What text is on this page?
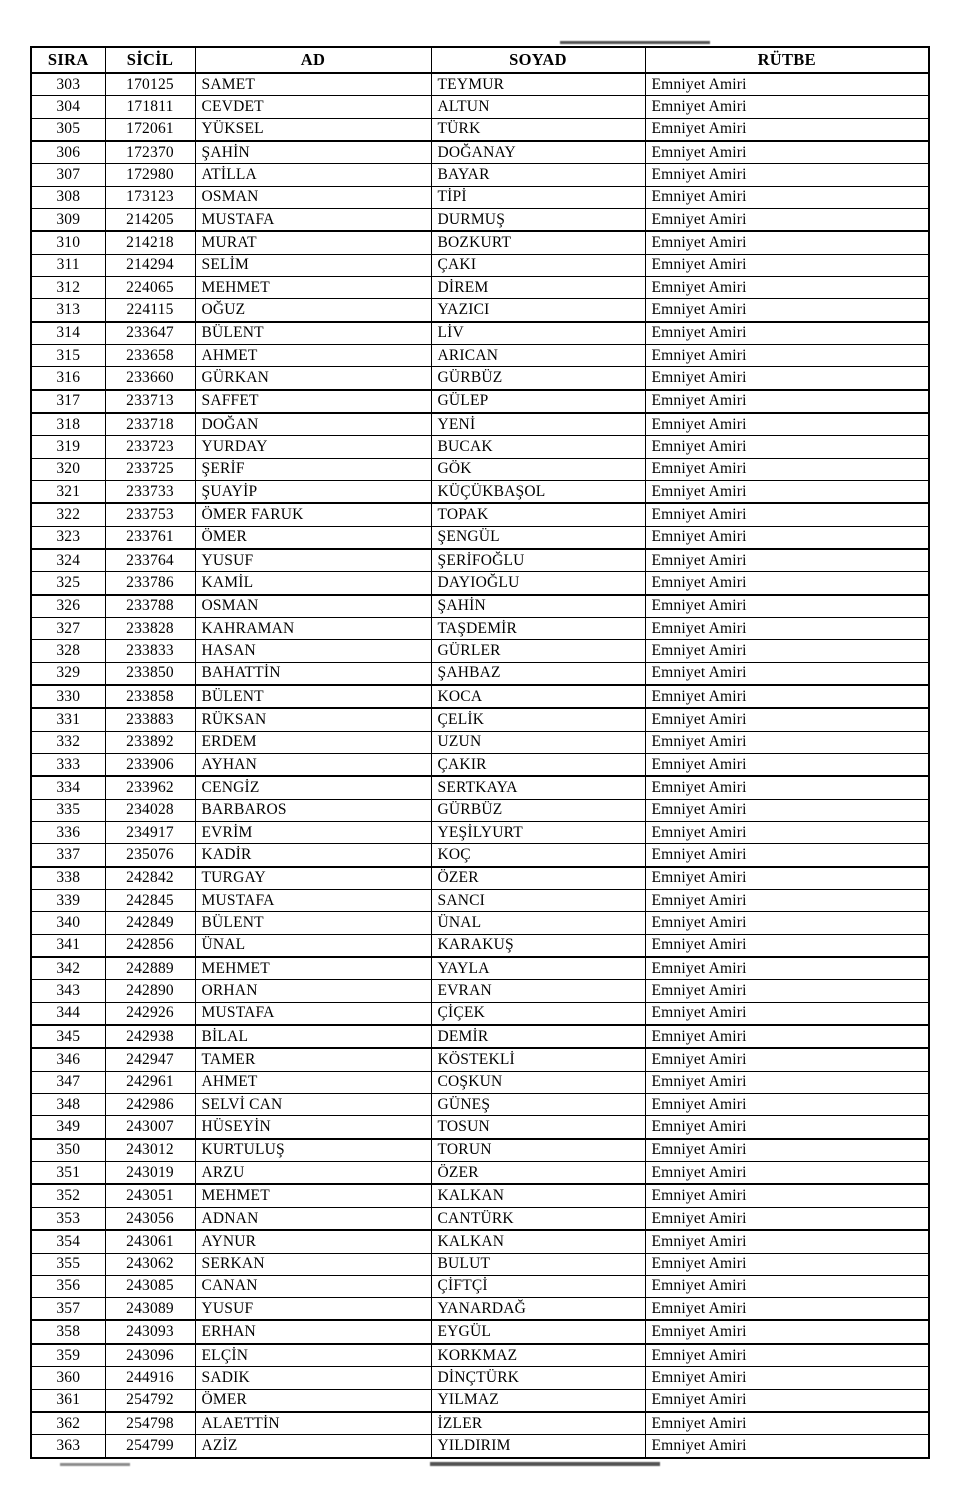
SIRA	SİCİL	AD	SOYAD	RÜTBE
303	170125	SAMET	TEYMUR	Emniyet Amiri
304	171811	CEVDET	ALTUN	Emniyet Amiri
305	172061	YÜKSEL	TÜRK	Emniyet Amiri
306	172370	ŞAHİN	DOĞANAY	Emniyet Amiri
307	172980	ATİLLA	BAYAR	Emniyet Amiri
308	173123	OSMAN	TİPİ	Emniyet Amiri
309	214205	MUSTAFA	DURMUŞ	Emniyet Amiri
310	214218	MURAT	BOZKURT	Emniyet Amiri
311	214294	SELİM	ÇAKI	Emniyet Amiri
312	224065	MEHMET	DİREM	Emniyet Amiri
313	224115	OĞUZ	YAZICI	Emniyet Amiri
314	233647	BÜLENT	LİV	Emniyet Amiri
315	233658	AHMET	ARICAN	Emniyet Amiri
316	233660	GÜRKAN	GÜRBÜZ	Emniyet Amiri
317	233713	SAFFET	GÜLEP	Emniyet Amiri
318	233718	DOĞAN	YENİ	Emniyet Amiri
319	233723	YURDAY	BUCAK	Emniyet Amiri
320	233725	ŞERİF	GÖK	Emniyet Amiri
321	233733	ŞUAYİP	KÜÇÜKBAŞOL	Emniyet Amiri
322	233753	ÖMER FARUK	TOPAK	Emniyet Amiri
323	233761	ÖMER	ŞENGÜL	Emniyet Amiri
324	233764	YUSUF	ŞERİFOĞLU	Emniyet Amiri
325	233786	KAMİL	DAYIOĞLU	Emniyet Amiri
326	233788	OSMAN	ŞAHİN	Emniyet Amiri
327	233828	KAHRAMAN	TAŞDEMİR	Emniyet Amiri
328	233833	HASAN	GÜRLER	Emniyet Amiri
329	233850	BAHATTİN	ŞAHBAZ	Emniyet Amiri
330	233858	BÜLENT	KOCA	Emniyet Amiri
331	233883	RÜKSAN	ÇELİK	Emniyet Amiri
332	233892	ERDEM	UZUN	Emniyet Amiri
333	233906	AYHAN	ÇAKIR	Emniyet Amiri
334	233962	CENGİZ	SERTKAYA	Emniyet Amiri
335	234028	BARBAROS	GÜRBÜZ	Emniyet Amiri
336	234917	EVRİM	YEŞİLYURT	Emniyet Amiri
337	235076	KADİR	KOÇ	Emniyet Amiri
338	242842	TURGAY	ÖZER	Emniyet Amiri
339	242845	MUSTAFA	SANCI	Emniyet Amiri
340	242849	BÜLENT	ÜNAL	Emniyet Amiri
341	242856	ÜNAL	KARAKUŞ	Emniyet Amiri
342	242889	MEHMET	YAYLA	Emniyet Amiri
343	242890	ORHAN	EVRAN	Emniyet Amiri
344	242926	MUSTAFA	ÇİÇEK	Emniyet Amiri
345	242938	BİLAL	DEMİR	Emniyet Amiri
346	242947	TAMER	KÖSTEKLİ	Emniyet Amiri
347	242961	AHMET	COŞKUN	Emniyet Amiri
348	242986	SELVİ CAN	GÜNEŞ	Emniyet Amiri
349	243007	HÜSEYİN	TOSUN	Emniyet Amiri
350	243012	KURTULUŞ	TORUN	Emniyet Amiri
351	243019	ARZU	ÖZER	Emniyet Amiri
352	243051	MEHMET	KALKAN	Emniyet Amiri
353	243056	ADNAN	CANTÜRK	Emniyet Amiri
354	243061	AYNUR	KALKAN	Emniyet Amiri
355	243062	SERKAN	BULUT	Emniyet Amiri
356	243085	CANAN	ÇİFTÇİ	Emniyet Amiri
357	243089	YUSUF	YANARDAĞ	Emniyet Amiri
358	243093	ERHAN	EYGÜL	Emniyet Amiri
359	243096	ELÇİN	KORKMAZ	Emniyet Amiri
360	244916	SADIK	DİNÇTÜRK	Emniyet Amiri
361	254792	ÖMER	YILMAZ	Emniyet Amiri
362	254798	ALAETTİN	İZLER	Emniyet Amiri
363	254799	AZİZ	YILDIRIM	Emniyet Amiri
